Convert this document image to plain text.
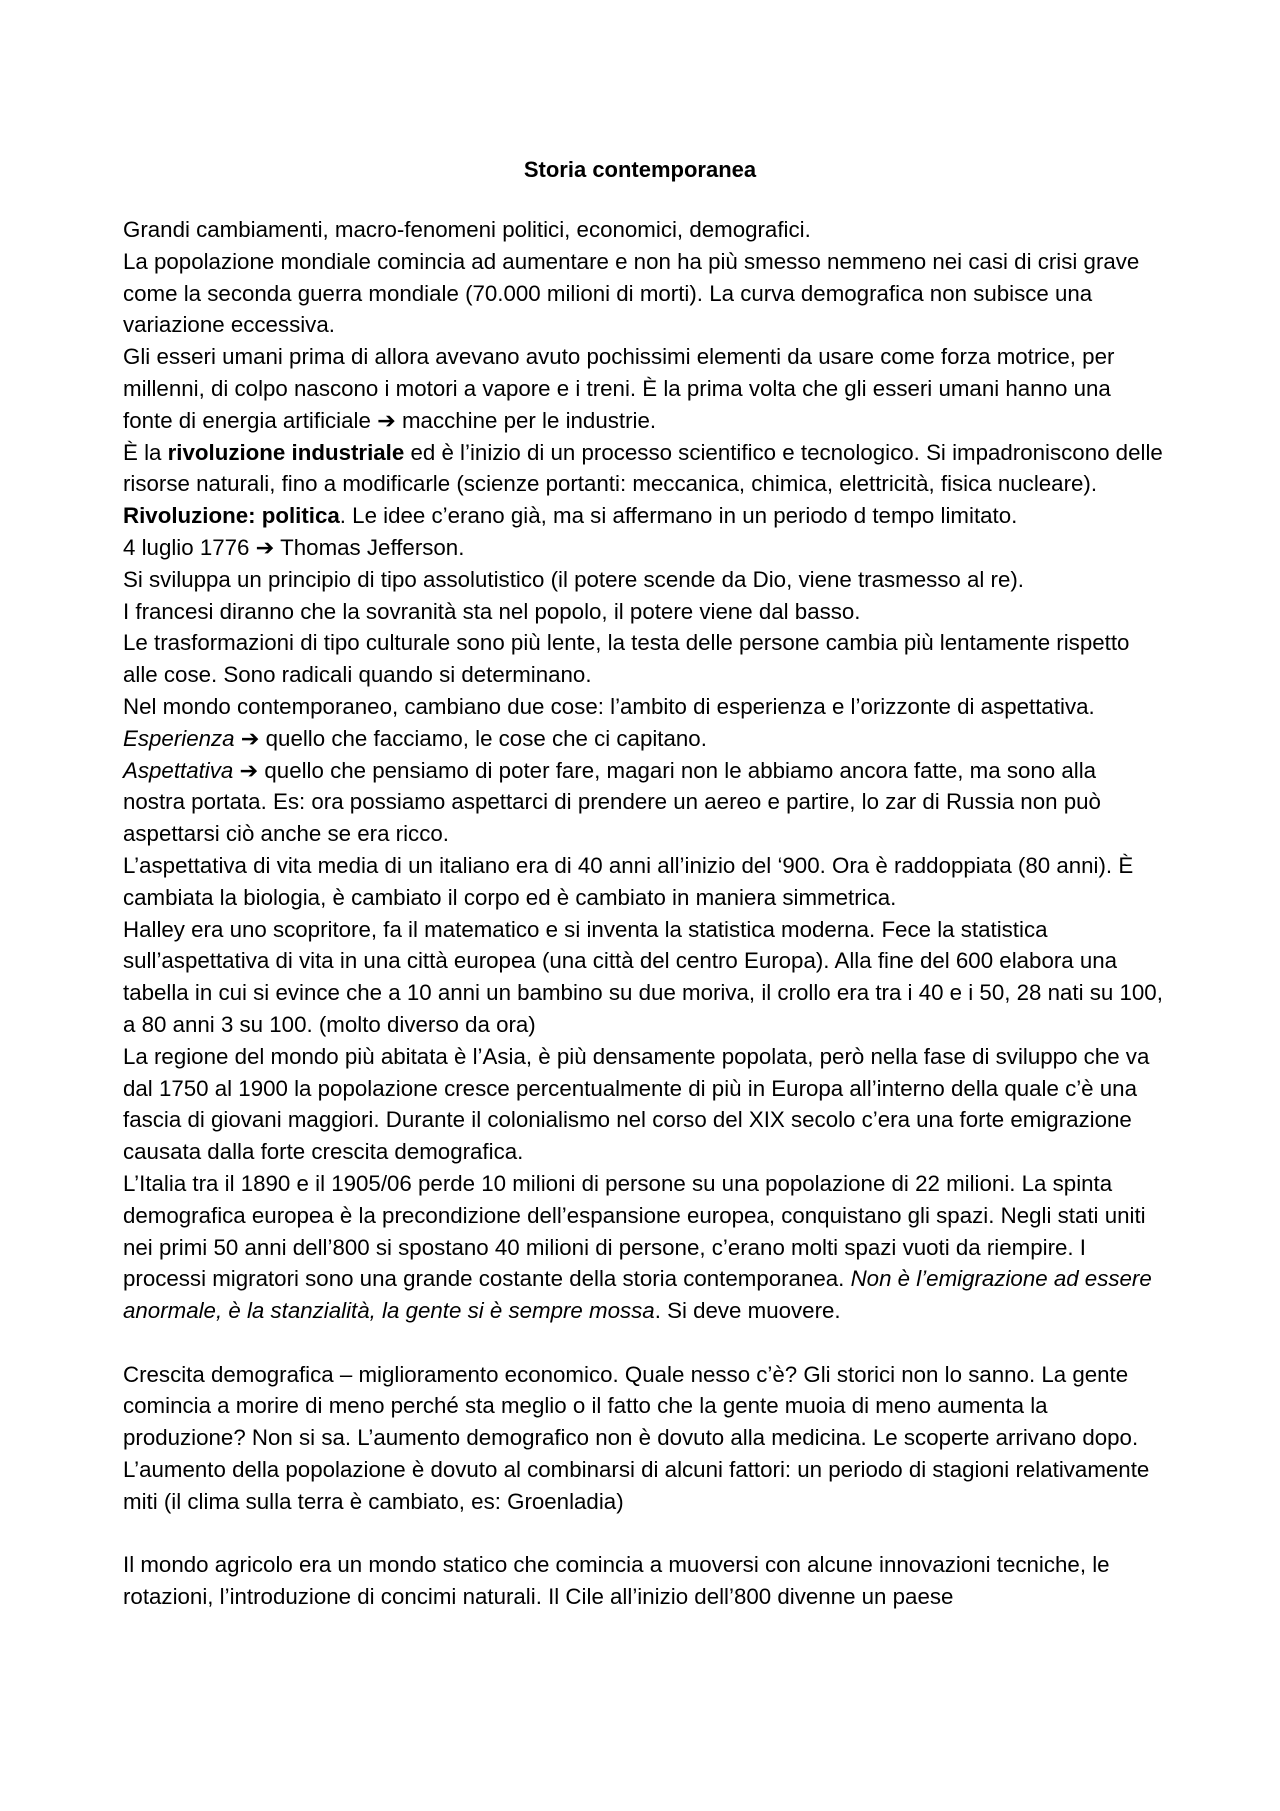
Storia contemporanea

Grandi cambiamenti, macro-fenomeni politici, economici, demografici.

La popolazione mondiale comincia ad aumentare e non ha più smesso nemmeno nei casi di crisi grave come la seconda guerra mondiale (70.000 milioni di morti). La curva demografica non subisce una variazione eccessiva.

Gli esseri umani prima di allora avevano avuto pochissimi elementi da usare come forza motrice, per millenni, di colpo nascono i motori a vapore e i treni. È la prima volta che gli esseri umani hanno una fonte di energia artificiale ➔ macchine per le industrie.

È la rivoluzione industriale ed è l’inizio di un processo scientifico e tecnologico. Si impadroniscono delle risorse naturali, fino a modificarle (scienze portanti: meccanica, chimica, elettricità, fisica nucleare).

Rivoluzione: politica. Le idee c’erano già, ma si affermano in un periodo d tempo limitato.

4 luglio 1776 ➔ Thomas Jefferson.

Si sviluppa un principio di tipo assolutistico (il potere scende da Dio, viene trasmesso al re).

I francesi diranno che la sovranità sta nel popolo, il potere viene dal basso.

Le trasformazioni di tipo culturale sono più lente, la testa delle persone cambia più lentamente rispetto alle cose. Sono radicali quando si determinano.

Nel mondo contemporaneo, cambiano due cose: l’ambito di esperienza e l’orizzonte di aspettativa.

Esperienza ➔ quello che facciamo, le cose che ci capitano.

Aspettativa ➔ quello che pensiamo di poter fare, magari non le abbiamo ancora fatte, ma sono alla nostra portata. Es: ora possiamo aspettarci di prendere un aereo e partire, lo zar di Russia non può aspettarsi ciò anche se era ricco.

L’aspettativa di vita media di un italiano era di 40 anni all’inizio del ‘900. Ora è raddoppiata (80 anni). È cambiata la biologia, è cambiato il corpo ed è cambiato in maniera simmetrica.

Halley era uno scopritore, fa il matematico e si inventa la statistica moderna. Fece la statistica sull’aspettativa di vita in una città europea (una città del centro Europa). Alla fine del 600 elabora una tabella in cui si evince che a 10 anni un bambino su due moriva, il crollo era tra i 40 e i 50, 28 nati su 100, a 80 anni 3 su 100. (molto diverso da ora)

La regione del mondo più abitata è l’Asia, è più densamente popolata, però nella fase di sviluppo che va dal 1750 al 1900 la popolazione cresce percentualmente di più in Europa all’interno della quale c’è una fascia di giovani maggiori. Durante il colonialismo nel corso del XIX secolo c’era una forte emigrazione causata dalla forte crescita demografica.

L’Italia tra il 1890 e il 1905/06 perde 10 milioni di persone su una popolazione di 22 milioni. La spinta demografica europea è la precondizione dell’espansione europea, conquistano gli spazi. Negli stati uniti nei primi 50 anni dell’800 si spostano 40 milioni di persone, c’erano molti spazi vuoti da riempire. I processi migratori sono una grande costante della storia contemporanea. Non è l’emigrazione ad essere anormale, è la stanzialità, la gente si è sempre mossa. Si deve muovere.

Crescita demografica – miglioramento economico. Quale nesso c’è? Gli storici non lo sanno. La gente comincia a morire di meno perché sta meglio o il fatto che la gente muoia di meno aumenta la produzione? Non si sa. L’aumento demografico non è dovuto alla medicina. Le scoperte arrivano dopo. L’aumento della popolazione è dovuto al combinarsi di alcuni fattori: un periodo di stagioni relativamente miti (il clima sulla terra è cambiato, es: Groenladia)

Il mondo agricolo era un mondo statico che comincia a muoversi con alcune innovazioni tecniche, le rotazioni, l’introduzione di concimi naturali. Il Cile all’inizio dell’800 divenne un paese
